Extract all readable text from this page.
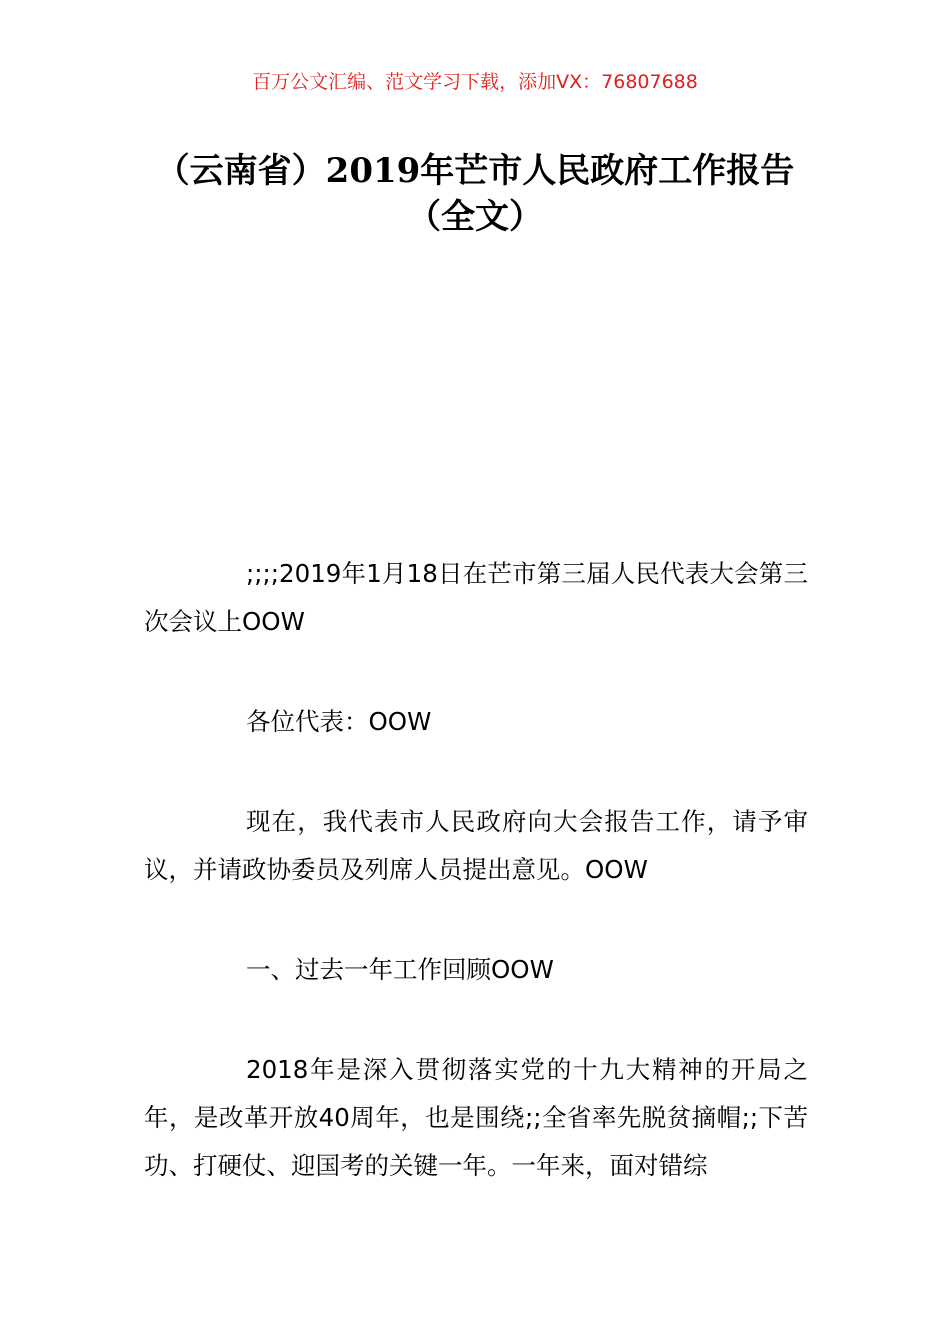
百万公文汇编、范文学习下载，添加VX：76807688
（云南省）2019年芒市人民政府工作报告
（全文）

;;;;2019年1月18日在芒市第三届人民代表大会第三次会议上OOW

各位代表：OOW

现在，我代表市人民政府向大会报告工作，请予审议，并请政协委员及列席人员提出意见。OOW

一、过去一年工作回顾OOW

2018年是深入贯彻落实党的十九大精神的开局之年，是改革开放40周年，也是围绕;;全省率先脱贫摘帽;;下苦功、打硬仗、迎国考的关键一年。一年来，面对错综
